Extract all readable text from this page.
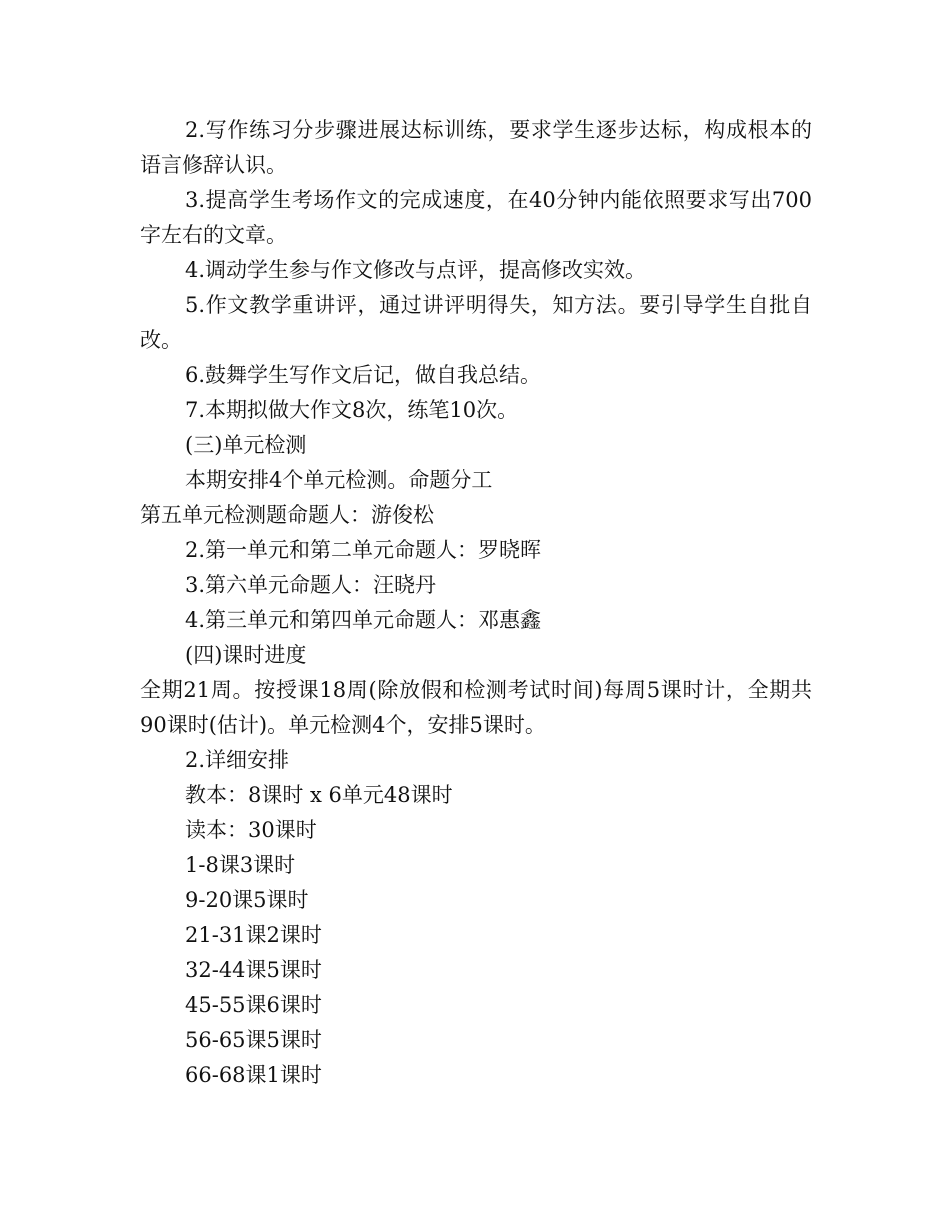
2.写作练习分步骤进展达标训练，要求学生逐步达标，构成根本的语言修辞认识。

3.提高学生考场作文的完成速度，在40分钟内能依照要求写出700字左右的文章。

4.调动学生参与作文修改与点评，提高修改实效。

5.作文教学重讲评，通过讲评明得失，知方法。要引导学生自批自改。

6.鼓舞学生写作文后记，做自我总结。

7.本期拟做大作文8次，练笔10次。

(三)单元检测

本期安排4个单元检测。命题分工

第五单元检测题命题人：游俊松

2.第一单元和第二单元命题人：罗晓晖

3.第六单元命题人：汪晓丹

4.第三单元和第四单元命题人：邓惠鑫

(四)课时进度

全期21周。按授课18周(除放假和检测考试时间)每周5课时计，全期共90课时(估计)。单元检测4个，安排5课时。

2.详细安排

教本：8课时 x 6单元48课时

读本：30课时

1-8课3课时

9-20课5课时

21-31课2课时

32-44课5课时

45-55课6课时

56-65课5课时

66-68课1课时
